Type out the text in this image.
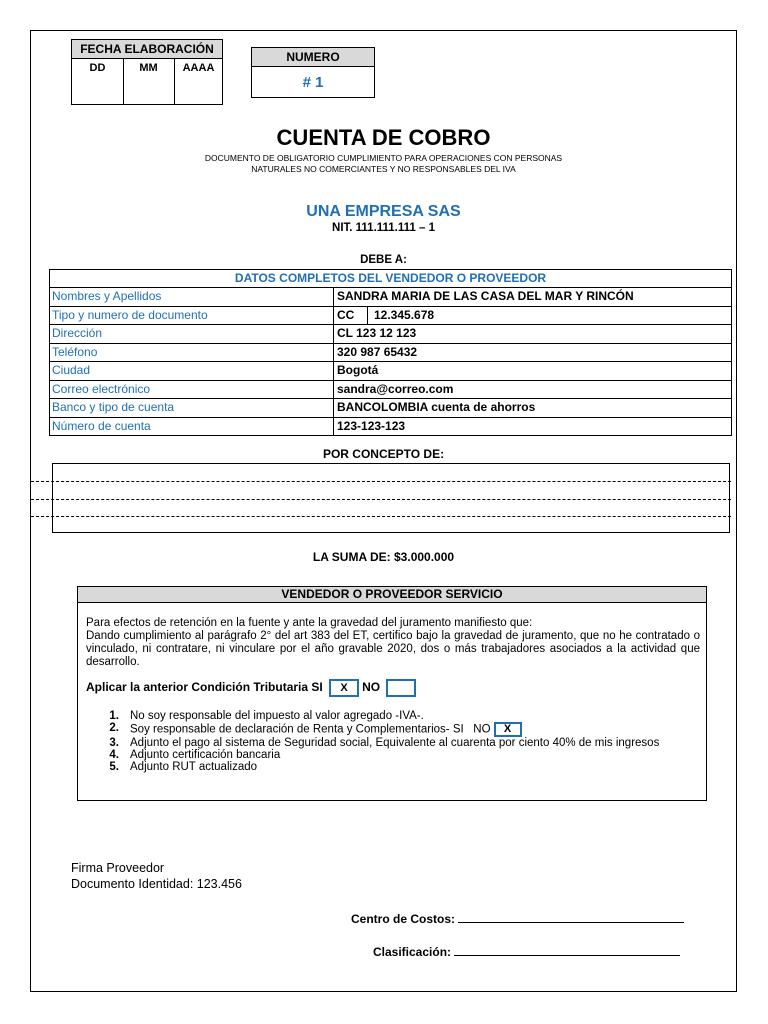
FECHA ELABORACIÓN
DD	MM	AAAA
NUMERO
# 1
CUENTA DE COBRO
DOCUMENTO DE OBLIGATORIO CUMPLIMIENTO PARA OPERACIONES CON PERSONAS
NATURALES NO COMERCIANTES Y NO RESPONSABLES DEL IVA
UNA EMPRESA SAS
NIT. 111.111.111 – 1
DEBE A:
DATOS COMPLETOS DEL VENDEDOR O PROVEEDOR
Nombres y Apellidos	SANDRA MARIA DE LAS CASA DEL MAR Y RINCÓN
Tipo y numero de documento	CC 12.345.678
Dirección	CL 123 12 123
Teléfono	320 987 65432
Ciudad	Bogotá
Correo electrónico	sandra@correo.com
Banco y tipo de cuenta	BANCOLOMBIA cuenta de ahorros
Número de cuenta	123-123-123
POR CONCEPTO DE:
LA SUMA DE: $3.000.000
VENDEDOR O PROVEEDOR SERVICIO
Para efectos de retención en la fuente y ante la gravedad del juramento manifiesto que:
Dando cumplimiento al parágrafo 2° del art 383 del ET, certifico bajo la gravedad de juramento, que no he contratado o vinculado, ni contratare, ni vinculare por el año gravable 2020, dos o más trabajadores asociados a la actividad que desarrollo.
Aplicar la anterior Condición Tributaria SI X NO
1. No soy responsable del impuesto al valor agregado -IVA-.
2. Soy responsable de declaración de Renta y Complementarios- SI NO X
3. Adjunto el pago al sistema de Seguridad social, Equivalente al cuarenta por ciento 40% de mis ingresos
4. Adjunto certificación bancaria
5. Adjunto RUT actualizado
Firma Proveedor
Documento Identidad: 123.456
Centro de Costos:
Clasificación:
